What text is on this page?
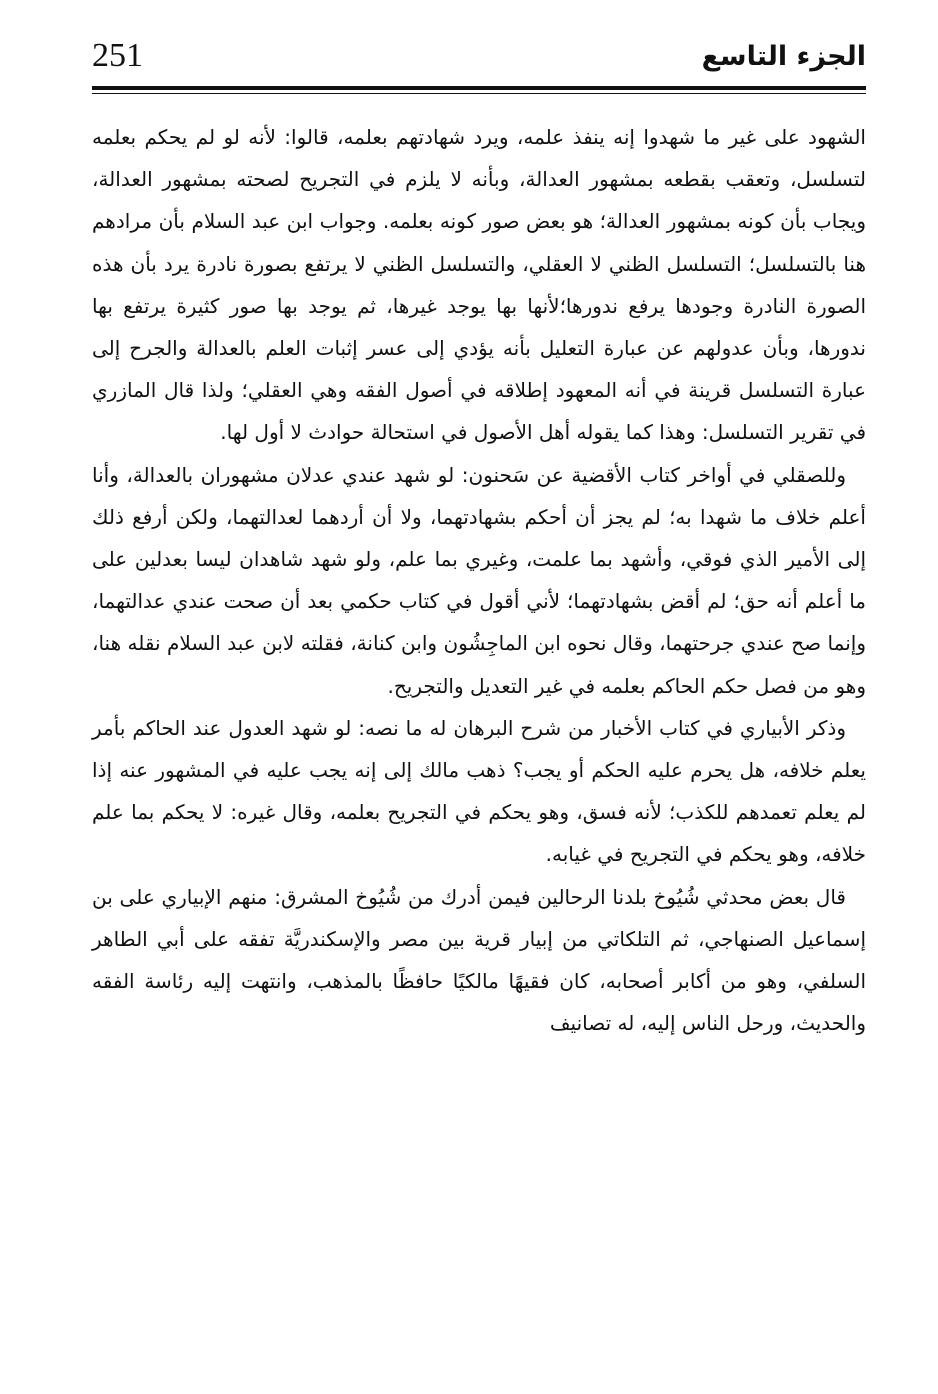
251	الجزء التاسع

الشهود على غير ما شهدوا إنه ينفذ علمه، ويرد شهادتهم بعلمه، قالوا: لأنه لو لم يحكم بعلمه لتسلسل، وتعقب بقطعه بمشهور العدالة، وبأنه لا يلزم في التجريح لصحته بمشهور العدالة، ويجاب بأن كونه بمشهور العدالة؛ هو بعض صور كونه بعلمه. وجواب ابن عبد السلام بأن مرادهم هنا بالتسلسل؛ التسلسل الظني لا العقلي، والتسلسل الظني لا يرتفع بصورة نادرة يرد بأن هذه الصورة النادرة وجودها يرفع ندورها؛لأنها بها يوجد غيرها، ثم يوجد بها صور كثيرة يرتفع بها ندورها، وبأن عدولهم عن عبارة التعليل بأنه يؤدي إلى عسر إثبات العلم بالعدالة والجرح إلى عبارة التسلسل قرينة في أنه المعهود إطلاقه في أصول الفقه وهي العقلي؛ ولذا قال المازري في تقرير التسلسل: وهذا كما يقوله أهل الأصول في استحالة حوادث لا أول لها.

وللصقلي في أواخر كتاب الأقضية عن سَحنون: لو شهد عندي عدلان مشهوران بالعدالة، وأنا أعلم خلاف ما شهدا به؛ لم يجز أن أحكم بشهادتهما، ولا أن أردهما لعدالتهما، ولكن أرفع ذلك إلى الأمير الذي فوقي، وأشهد بما علمت، وغيري بما علم، ولو شهد شاهدان ليسا بعدلين على ما أعلم أنه حق؛ لم أقض بشهادتهما؛ لأني أقول في كتاب حكمي بعد أن صحت عندي عدالتهما، وإنما صح عندي جرحتهما، وقال نحوه ابن الماجِشُون وابن كنانة، فقلته لابن عبد السلام نقله هنا، وهو من فصل حكم الحاكم بعلمه في غير التعديل والتجريح.

وذكر الأبياري في كتاب الأخبار من شرح البرهان له ما نصه: لو شهد العدول عند الحاكم بأمر يعلم خلافه، هل يحرم عليه الحكم أو يجب؟ ذهب مالك إلى إنه يجب عليه في المشهور عنه إذا لم يعلم تعمدهم للكذب؛ لأنه فسق، وهو يحكم في التجريح بعلمه، وقال غيره: لا يحكم بما علم خلافه، وهو يحكم في التجريح في غيابه.

قال بعض محدثي شُيُوخ بلدنا الرحالين فيمن أدرك من شُيُوخ المشرق: منهم الإبياري على بن إسماعيل الصنهاجي، ثم التلكاتي من إبيار قرية بين مصر والإسكندريَّة تفقه على أبي الطاهر السلفي، وهو من أكابر أصحابه، كان فقيهًا مالكيًا حافظًا بالمذهب، وانتهت إليه رئاسة الفقه والحديث، ورحل الناس إليه، له تصانيف
